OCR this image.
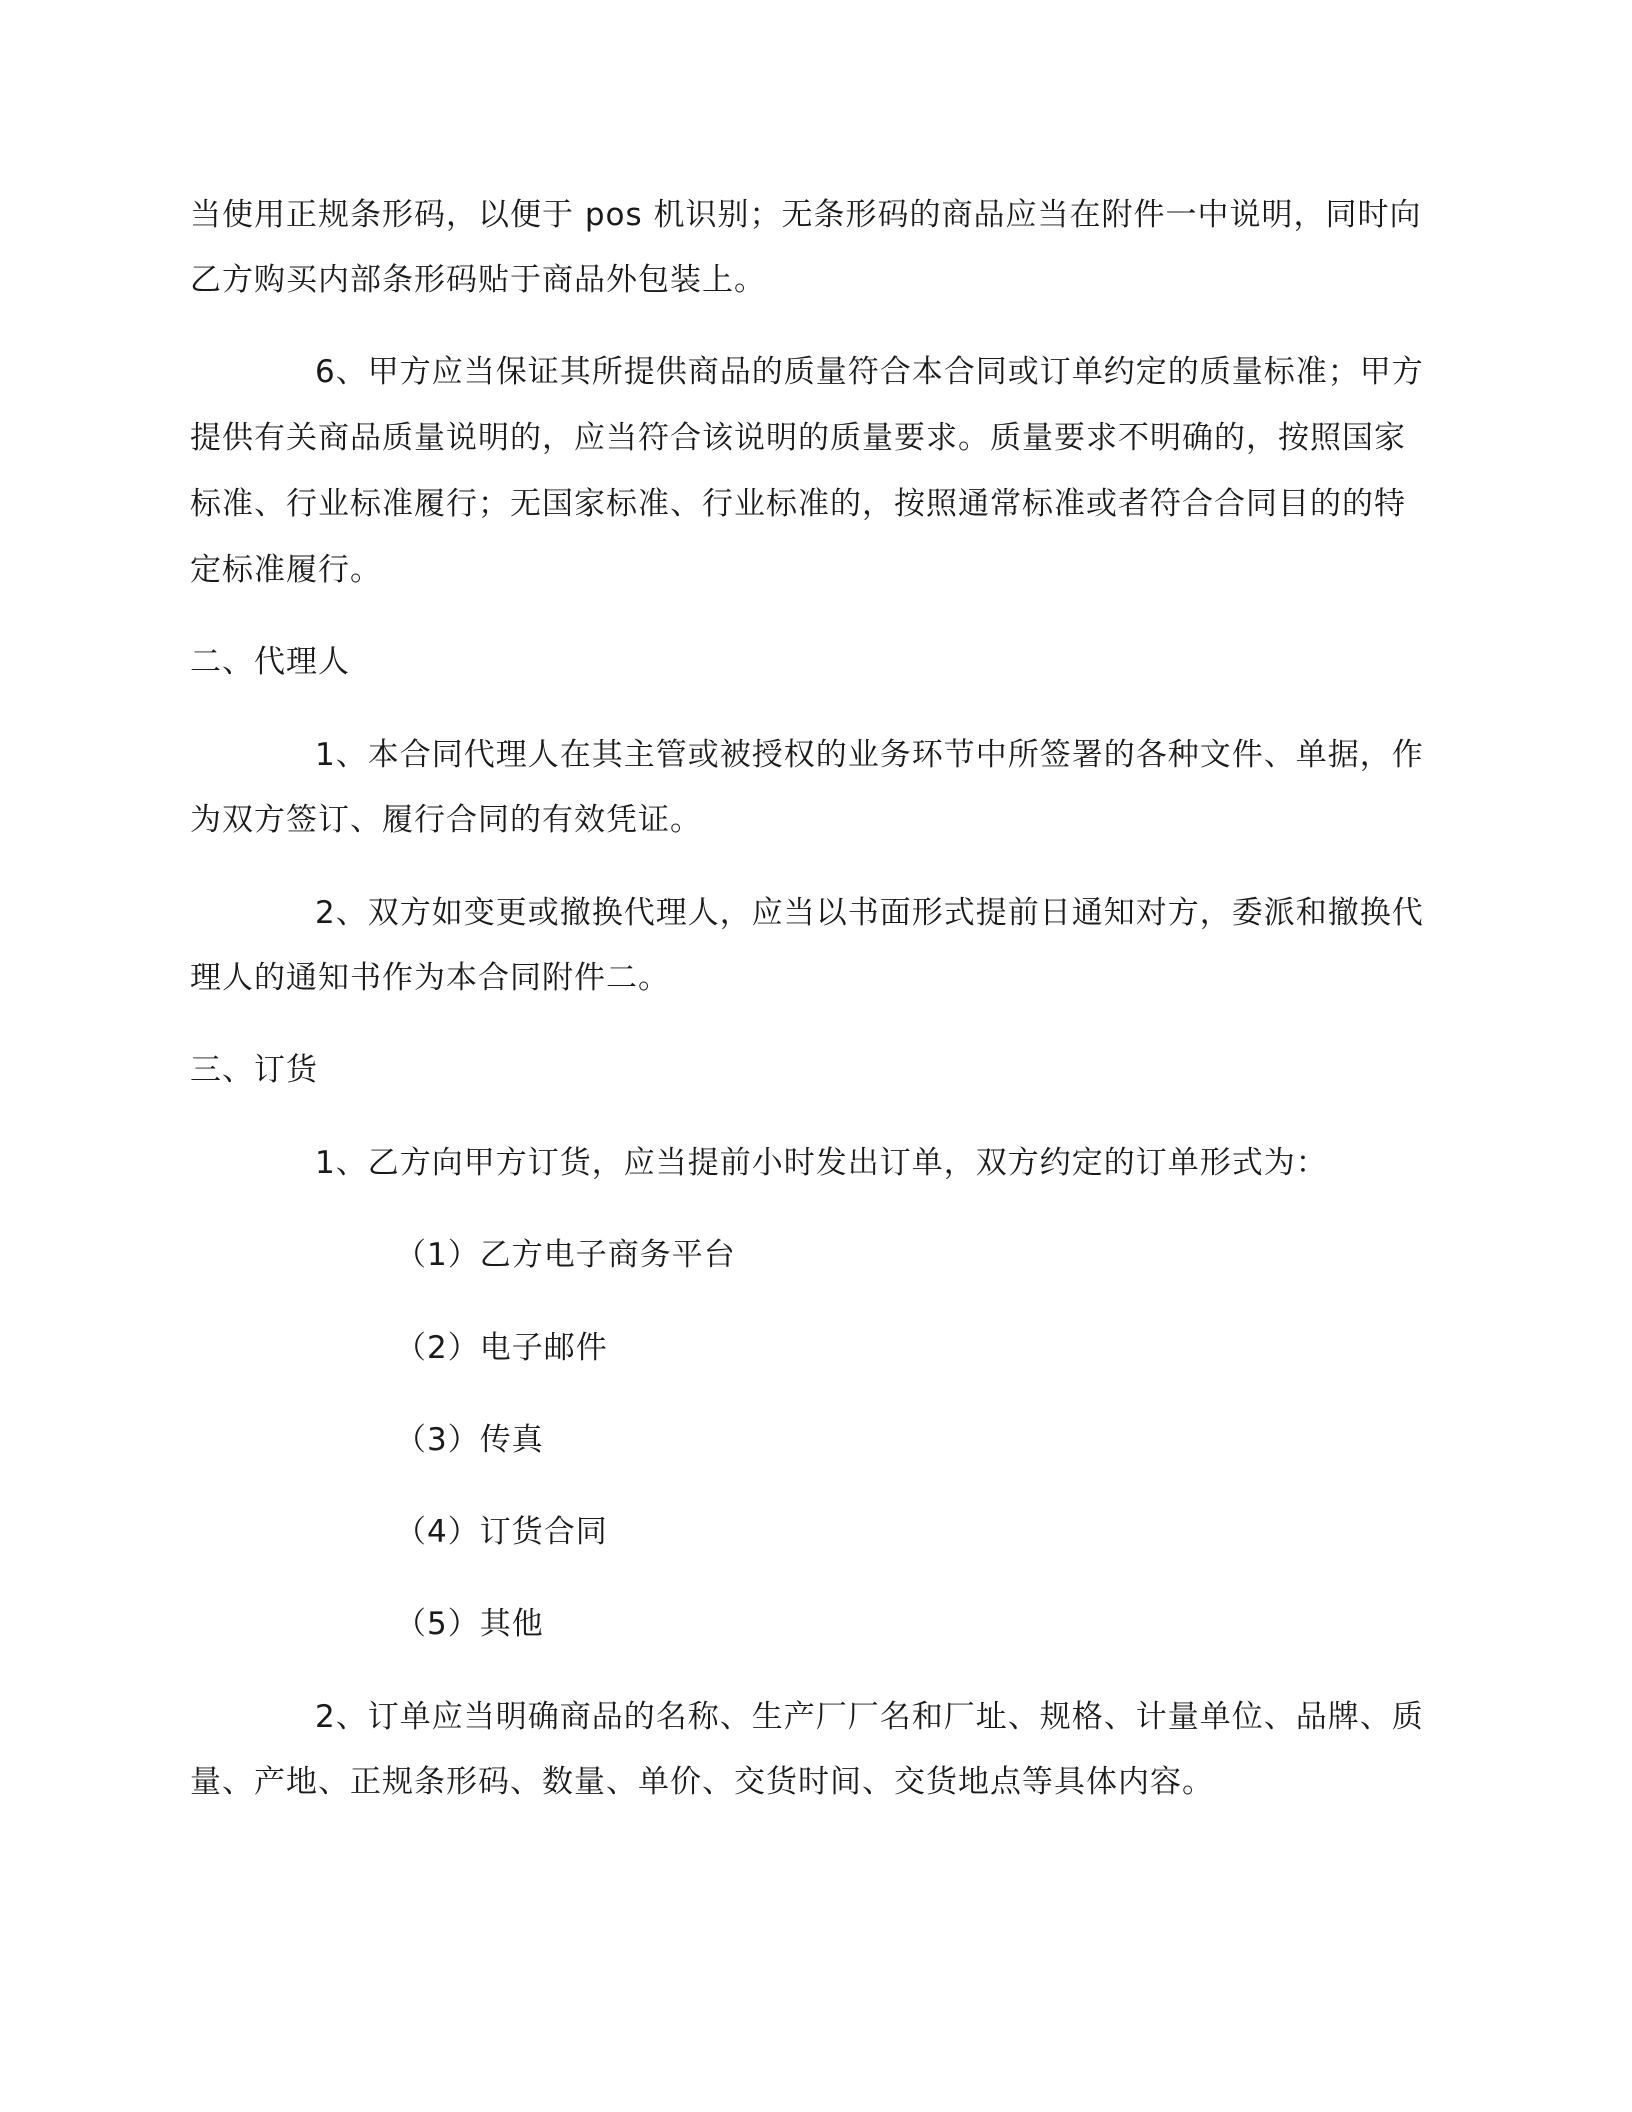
当使用正规条形码，以便于 pos 机识别；无条形码的商品应当在附件一中说明，同时向
乙方购买内部条形码贴于商品外包装上。
6、甲方应当保证其所提供商品的质量符合本合同或订单约定的质量标准；甲方
提供有关商品质量说明的，应当符合该说明的质量要求。质量要求不明确的，按照国家
标准、行业标准履行；无国家标准、行业标准的，按照通常标准或者符合合同目的的特
定标准履行。
二、代理人
1、本合同代理人在其主管或被授权的业务环节中所签署的各种文件、单据，作
为双方签订、履行合同的有效凭证。
2、双方如变更或撤换代理人，应当以书面形式提前日通知对方，委派和撤换代
理人的通知书作为本合同附件二。
三、订货
1、乙方向甲方订货，应当提前小时发出订单，双方约定的订单形式为：
（1）乙方电子商务平台
（2）电子邮件
（3）传真
（4）订货合同
（5）其他
2、订单应当明确商品的名称、生产厂厂名和厂址、规格、计量单位、品牌、质
量、产地、正规条形码、数量、单价、交货时间、交货地点等具体内容。
